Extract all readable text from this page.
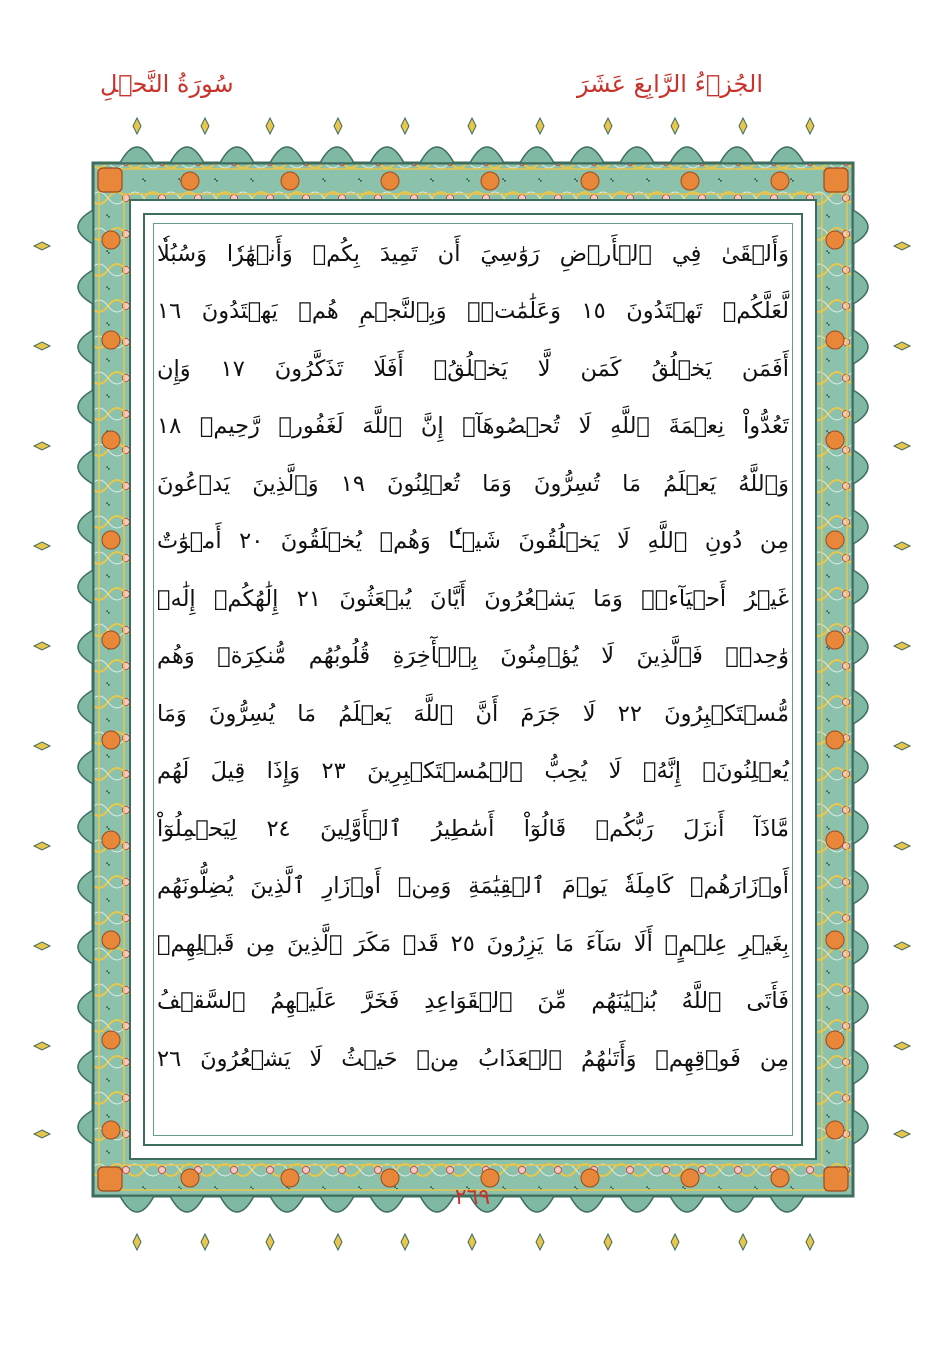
سُورَةُ النَّحۡلِ	الجُزۡءُ الرَّابِعَ عَشَرَ
وَأَلۡقَىٰ فِي ٱلۡأَرۡضِ رَوَٰسِيَ أَن تَمِيدَ بِكُمۡ وَأَنۡهَٰرٗا وَسُبُلٗا
لَّعَلَّكُمۡ تَهۡتَدُونَ ١٥ وَعَلَٰمَٰتٖۚ وَبِٱلنَّجۡمِ هُمۡ يَهۡتَدُونَ ١٦
أَفَمَن يَخۡلُقُ كَمَن لَّا يَخۡلُقُۚ أَفَلَا تَذَكَّرُونَ ١٧ وَإِن
تَعُدُّواْ نِعۡمَةَ ٱللَّهِ لَا تُحۡصُوهَآۗ إِنَّ ٱللَّهَ لَغَفُورٞ رَّحِيمٞ ١٨
وَٱللَّهُ يَعۡلَمُ مَا تُسِرُّونَ وَمَا تُعۡلِنُونَ ١٩ وَٱلَّذِينَ يَدۡعُونَ
مِن دُونِ ٱللَّهِ لَا يَخۡلُقُونَ شَيۡـٔٗا وَهُمۡ يُخۡلَقُونَ ٢٠ أَمۡوَٰتٌ
غَيۡرُ أَحۡيَآءٖۖ وَمَا يَشۡعُرُونَ أَيَّانَ يُبۡعَثُونَ ٢١ إِلَٰهُكُمۡ إِلَٰهٞ
وَٰحِدٞۚ فَٱلَّذِينَ لَا يُؤۡمِنُونَ بِٱلۡأٓخِرَةِ قُلُوبُهُم مُّنكِرَةٞ وَهُم
مُّسۡتَكۡبِرُونَ ٢٢ لَا جَرَمَ أَنَّ ٱللَّهَ يَعۡلَمُ مَا يُسِرُّونَ وَمَا
يُعۡلِنُونَۚ إِنَّهُۥ لَا يُحِبُّ ٱلۡمُسۡتَكۡبِرِينَ ٢٣ وَإِذَا قِيلَ لَهُم
مَّاذَآ أَنزَلَ رَبُّكُمۡ قَالُوٓاْ أَسَٰطِيرُ ٱلۡأَوَّلِينَ ٢٤ لِيَحۡمِلُوٓاْ
أَوۡزَارَهُمۡ كَامِلَةٗ يَوۡمَ ٱلۡقِيَٰمَةِ وَمِنۡ أَوۡزَارِ ٱلَّذِينَ يُضِلُّونَهُم
بِغَيۡرِ عِلۡمٍۗ أَلَا سَآءَ مَا يَزِرُونَ ٢٥ قَدۡ مَكَرَ ٱلَّذِينَ مِن قَبۡلِهِمۡ
فَأَتَى ٱللَّهُ بُنۡيَٰنَهُم مِّنَ ٱلۡقَوَاعِدِ فَخَرَّ عَلَيۡهِمُ ٱلسَّقۡفُ
مِن فَوۡقِهِمۡ وَأَتَىٰهُمُ ٱلۡعَذَابُ مِنۡ حَيۡثُ لَا يَشۡعُرُونَ ٢٦
٢٦٩
